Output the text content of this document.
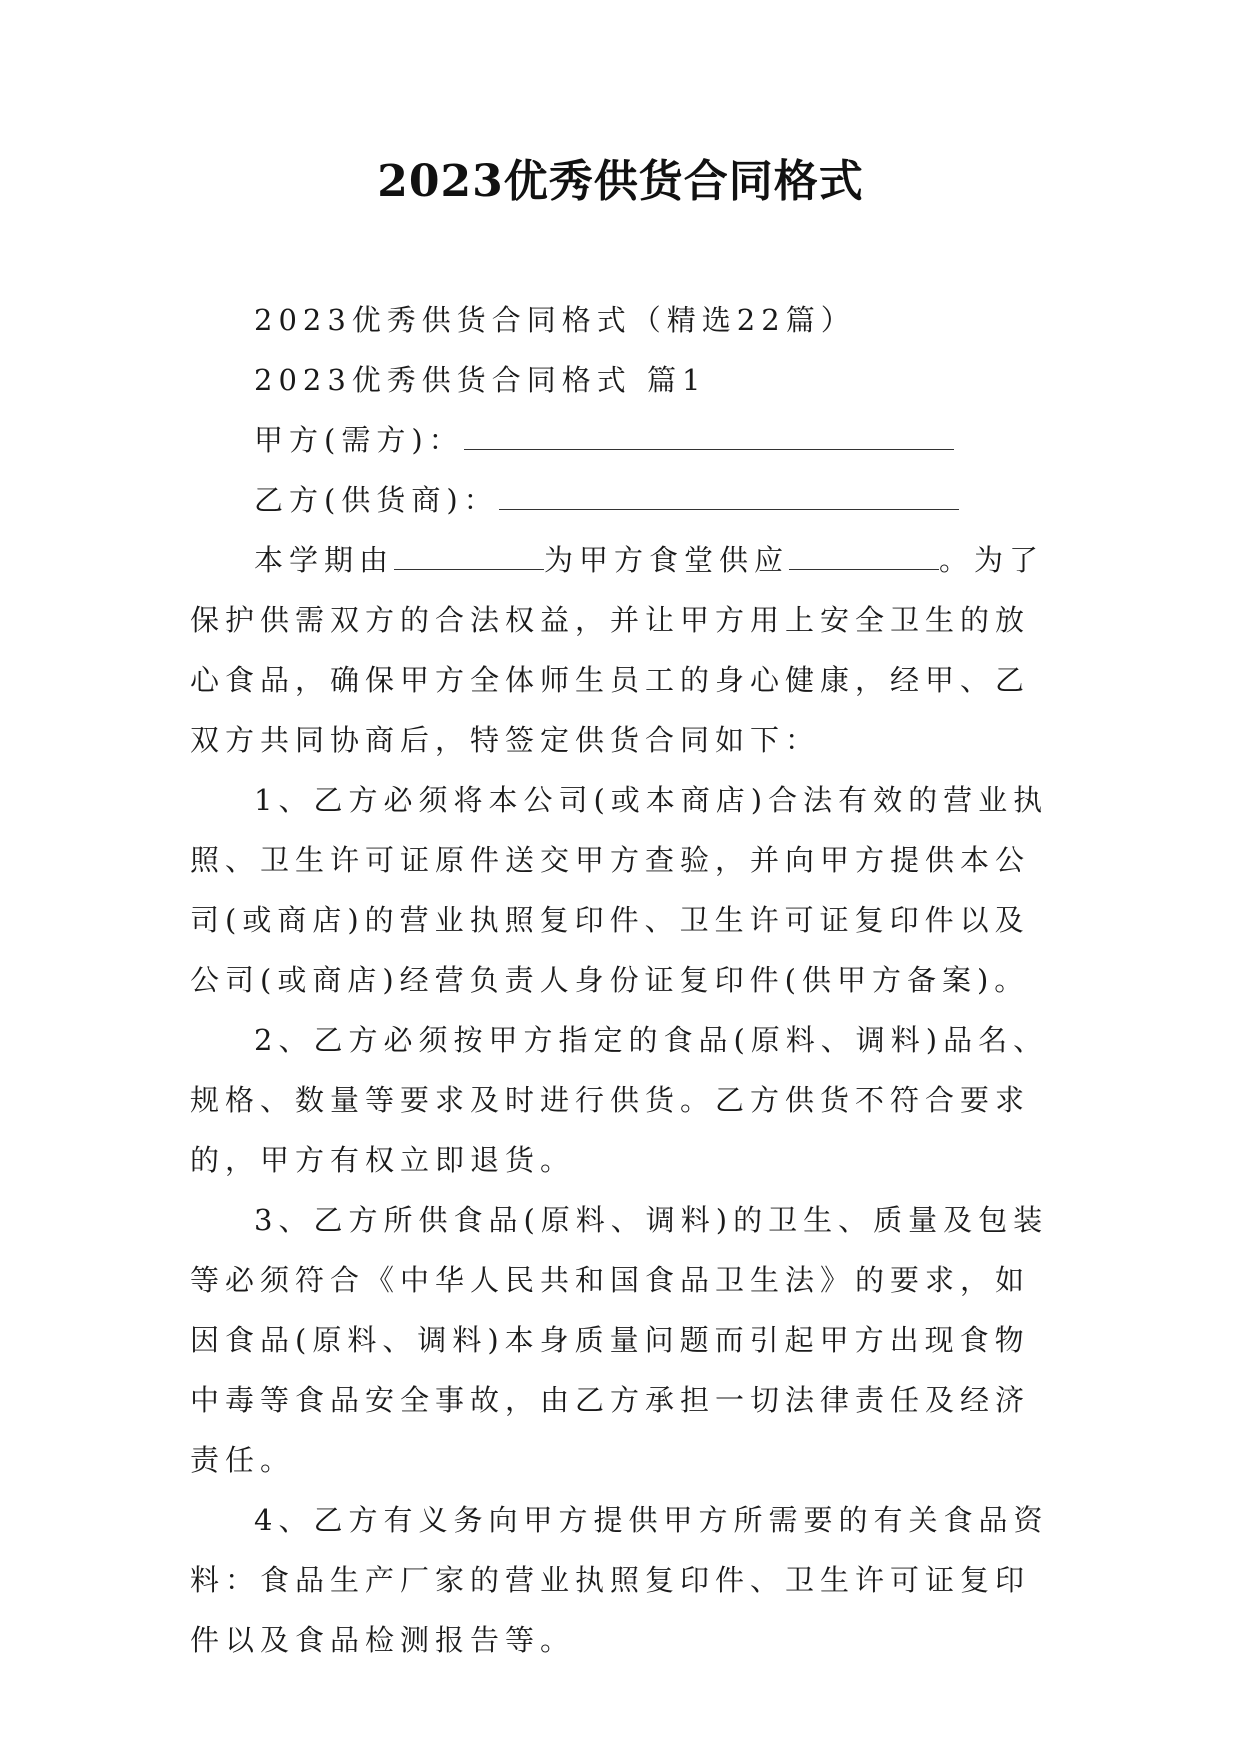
2023优秀供货合同格式

2023优秀供货合同格式（精选22篇）

2023优秀供货合同格式 篇1

甲方(需方)：

乙方(供货商)：

本学期由	为甲方食堂供应	。为了保护供需双方的合法权益，并让甲方用上安全卫生的放心食品，确保甲方全体师生员工的身心健康，经甲、乙双方共同协商后，特签定供货合同如下：

1、乙方必须将本公司(或本商店)合法有效的营业执照、卫生许可证原件送交甲方查验，并向甲方提供本公司(或商店)的营业执照复印件、卫生许可证复印件以及公司(或商店)经营负责人身份证复印件(供甲方备案)。

2、乙方必须按甲方指定的食品(原料、调料)品名、规格、数量等要求及时进行供货。乙方供货不符合要求的，甲方有权立即退货。

3、乙方所供食品(原料、调料)的卫生、质量及包装等必须符合《中华人民共和国食品卫生法》的要求，如因食品(原料、调料)本身质量问题而引起甲方出现食物中毒等食品安全事故，由乙方承担一切法律责任及经济责任。

4、乙方有义务向甲方提供甲方所需要的有关食品资料：食品生产厂家的营业执照复印件、卫生许可证复印件以及食品检测报告等。
